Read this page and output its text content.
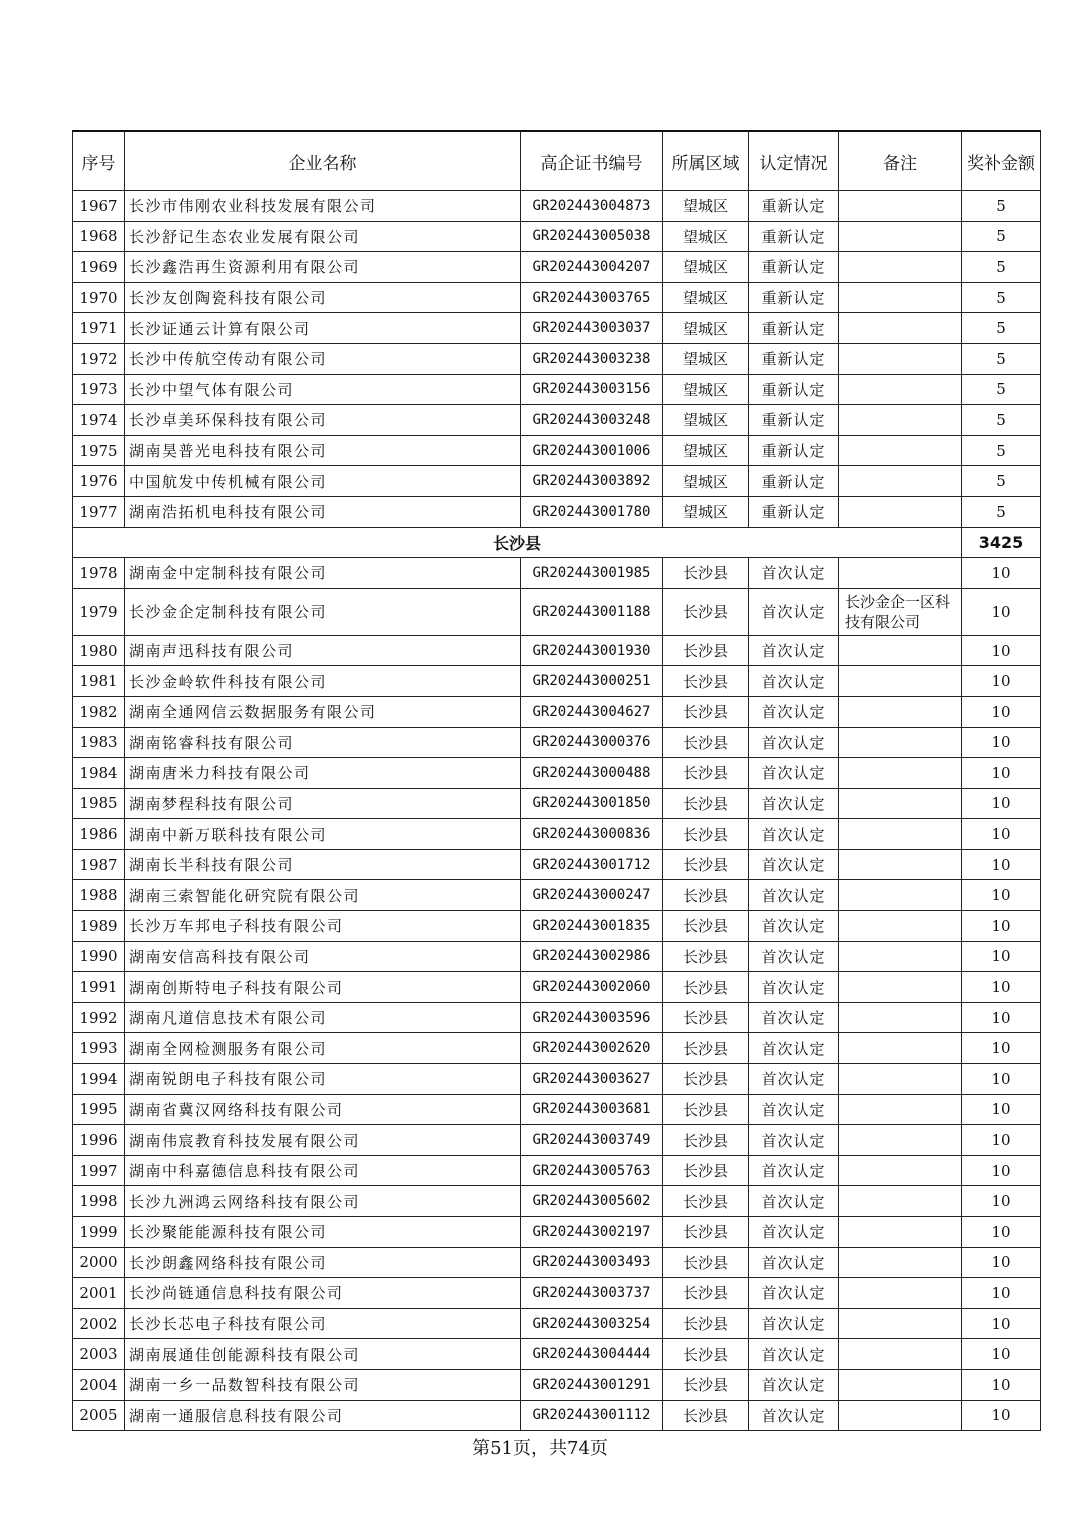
序号	企业名称	高企证书编号	所属区域	认定情况	备注	奖补金额
1967	长沙市伟刚农业科技发展有限公司	GR202443004873	望城区	重新认定		5
1968	长沙舒记生态农业发展有限公司	GR202443005038	望城区	重新认定		5
1969	长沙鑫浩再生资源利用有限公司	GR202443004207	望城区	重新认定		5
1970	长沙友创陶瓷科技有限公司	GR202443003765	望城区	重新认定		5
1971	长沙证通云计算有限公司	GR202443003037	望城区	重新认定		5
1972	长沙中传航空传动有限公司	GR202443003238	望城区	重新认定		5
1973	长沙中望气体有限公司	GR202443003156	望城区	重新认定		5
1974	长沙卓美环保科技有限公司	GR202443003248	望城区	重新认定		5
1975	湖南昊普光电科技有限公司	GR202443001006	望城区	重新认定		5
1976	中国航发中传机械有限公司	GR202443003892	望城区	重新认定		5
1977	湖南浩拓机电科技有限公司	GR202443001780	望城区	重新认定		5
长沙县						3425
1978	湖南金中定制科技有限公司	GR202443001985	长沙县	首次认定		10
1979	长沙金企定制科技有限公司	GR202443001188	长沙县	首次认定	长沙金企一区科技有限公司	10
1980	湖南声迅科技有限公司	GR202443001930	长沙县	首次认定		10
1981	长沙金岭软件科技有限公司	GR202443000251	长沙县	首次认定		10
1982	湖南全通网信云数据服务有限公司	GR202443004627	长沙县	首次认定		10
1983	湖南铭睿科技有限公司	GR202443000376	长沙县	首次认定		10
1984	湖南唐米力科技有限公司	GR202443000488	长沙县	首次认定		10
1985	湖南梦程科技有限公司	GR202443001850	长沙县	首次认定		10
1986	湖南中新万联科技有限公司	GR202443000836	长沙县	首次认定		10
1987	湖南长半科技有限公司	GR202443001712	长沙县	首次认定		10
1988	湖南三索智能化研究院有限公司	GR202443000247	长沙县	首次认定		10
1989	长沙万车邦电子科技有限公司	GR202443001835	长沙县	首次认定		10
1990	湖南安信高科技有限公司	GR202443002986	长沙县	首次认定		10
1991	湖南创斯特电子科技有限公司	GR202443002060	长沙县	首次认定		10
1992	湖南凡道信息技术有限公司	GR202443003596	长沙县	首次认定		10
1993	湖南全网检测服务有限公司	GR202443002620	长沙县	首次认定		10
1994	湖南锐朗电子科技有限公司	GR202443003627	长沙县	首次认定		10
1995	湖南省冀汉网络科技有限公司	GR202443003681	长沙县	首次认定		10
1996	湖南伟宸教育科技发展有限公司	GR202443003749	长沙县	首次认定		10
1997	湖南中科嘉德信息科技有限公司	GR202443005763	长沙县	首次认定		10
1998	长沙九洲鸿云网络科技有限公司	GR202443005602	长沙县	首次认定		10
1999	长沙聚能能源科技有限公司	GR202443002197	长沙县	首次认定		10
2000	长沙朗鑫网络科技有限公司	GR202443003493	长沙县	首次认定		10
2001	长沙尚链通信息科技有限公司	GR202443003737	长沙县	首次认定		10
2002	长沙长芯电子科技有限公司	GR202443003254	长沙县	首次认定		10
2003	湖南展通佳创能源科技有限公司	GR202443004444	长沙县	首次认定		10
2004	湖南一乡一品数智科技有限公司	GR202443001291	长沙县	首次认定		10
2005	湖南一通服信息科技有限公司	GR202443001112	长沙县	首次认定		10
第51页，共74页
